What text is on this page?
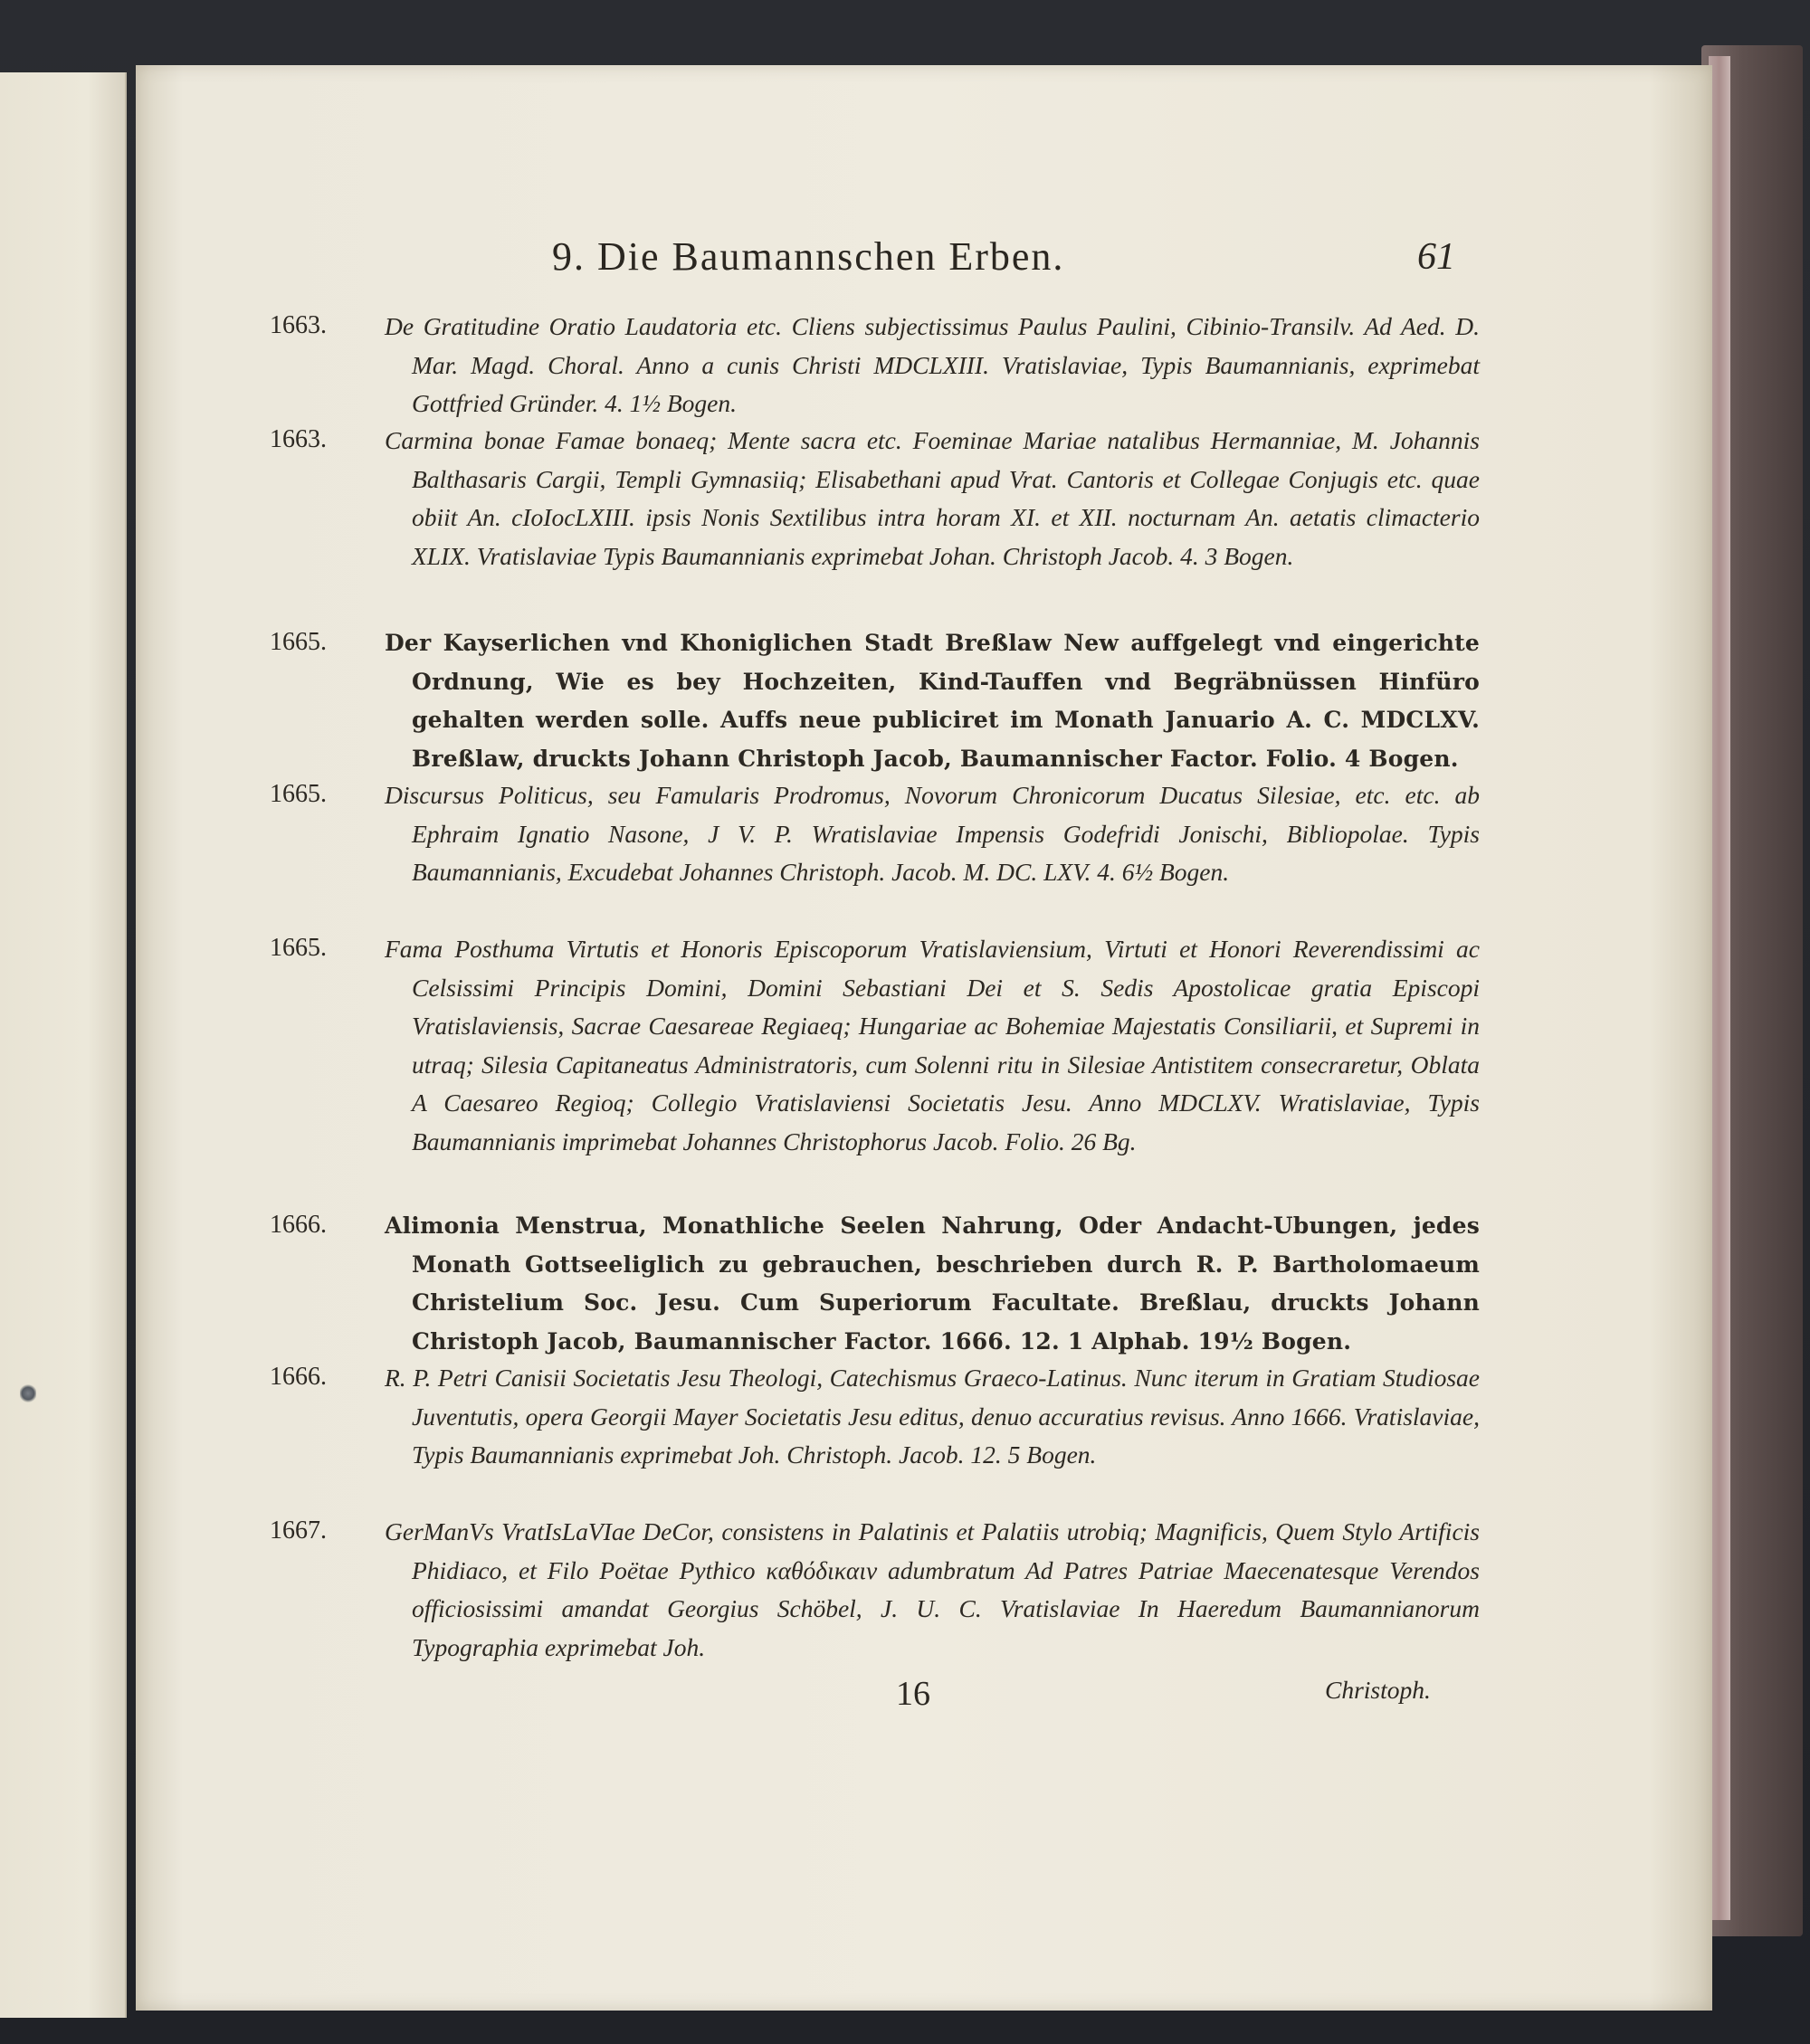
9. Die Baumannschen Erben.	61
1663. De Gratitudine Oratio Laudatoria etc. Cliens subjectissimus Paulus Paulini, Cibinio-Transilv. Ad Aed. D. Mar. Magd. Choral. Anno a cunis Christi MDCLXIII. Vratislaviae, Typis Baumannianis, exprimebat Gottfried Gründer. 4. 1½ Bogen.
1663. Carmina bonae Famae bonaeq; Mente sacra etc. Foeminae Mariae natalibus Hermanniae, M. Johannis Balthasaris Cargii, Templi Gymnasiiq; Elisabethani apud Vrat. Cantoris et Collegae Conjugis etc. quae obiit An. cIoIocLXIII. ipsis Nonis Sextilibus intra horam XI. et XII. nocturnam An. aetatis climacterio XLIX. Vratislaviae Typis Baumannianis exprimebat Johan. Christoph Jacob. 4. 3 Bogen.
1665.	Der Kayserlichen vnd Khoniglichen Stadt Breßlaw New auffgelegt vnd eingerichte Ordnung, Wie es bey Hochzeiten, Kind-Tauffen vnd Begräbnüssen Hinfüro gehalten werden solle. Auffs neue publiciret im Monath Januario A. C. MDCLXV. Breßlaw, druckts Johann Christoph Jacob, Baumannischer Factor. Folio. 4 Bogen.
1665. Discursus Politicus, seu Famularis Prodromus, Novorum Chronicorum Ducatus Silesiae, etc. etc. ab Ephraim Ignatio Nasone, J V. P. Wratislaviae Impensis Godefridi Jonischi, Bibliopolae. Typis Baumannianis, Excudebat Johannes Christoph. Jacob. M. DC. LXV. 4. 6½ Bogen.
1665. Fama Posthuma Virtutis et Honoris Episcoporum Vratislaviensium, Virtuti et Honori Reverendissimi ac Celsissimi Principis Domini, Domini Sebastiani Dei et S. Sedis Apostolicae gratia Episcopi Vratislaviensis, Sacrae Caesareae Regiaeq; Hungariae ac Bohemiae Majestatis Consiliarii, et Supremi in utraq; Silesia Capitaneatus Administratoris, cum Solenni ritu in Silesiae Antistitem consecraretur, Oblata A Caesareo Regioq; Collegio Vratislaviensi Societatis Jesu. Anno MDCLXV. Wratislaviae, Typis Baumannianis imprimebat Johannes Christophorus Jacob. Folio. 26 Bg.
1666.	Alimonia Menstrua, Monathliche Seelen Nahrung, Oder Andacht-Ubungen, jedes Monath Gottseeliglich zu gebrauchen, beschrieben durch R. P. Bartholomaeum Christelium Soc. Jesu. Cum Superiorum Facultate. Breßlau, druckts Johann Christoph Jacob, Baumannischer Factor. 1666. 12. 1 Alphab. 19½ Bogen.
1666. R. P. Petri Canisii Societatis Jesu Theologi, Catechismus Graeco-Latinus. Nunc iterum in Gratiam Studiosae Juventutis, opera Georgii Mayer Societatis Jesu editus, denuo accuratius revisus. Anno 1666. Vratislaviae, Typis Baumannianis exprimebat Joh. Christoph. Jacob. 12. 5 Bogen.
1667. GerManVs VratIsLaVIae DeCor, consistens in Palatinis et Palatiis utrobiq; Magnificis, Quem Stylo Artificis Phidiaco, et Filo Poëtae Pythico καθόδικαιν adumbratum Ad Patres Patriae Maecenatesque Verendos officiosissimi amandat Georgius Schöbel, J. U. C. Vratislaviae In Haeredum Baumannianorum Typographia exprimebat Joh.
16	Christoph.
